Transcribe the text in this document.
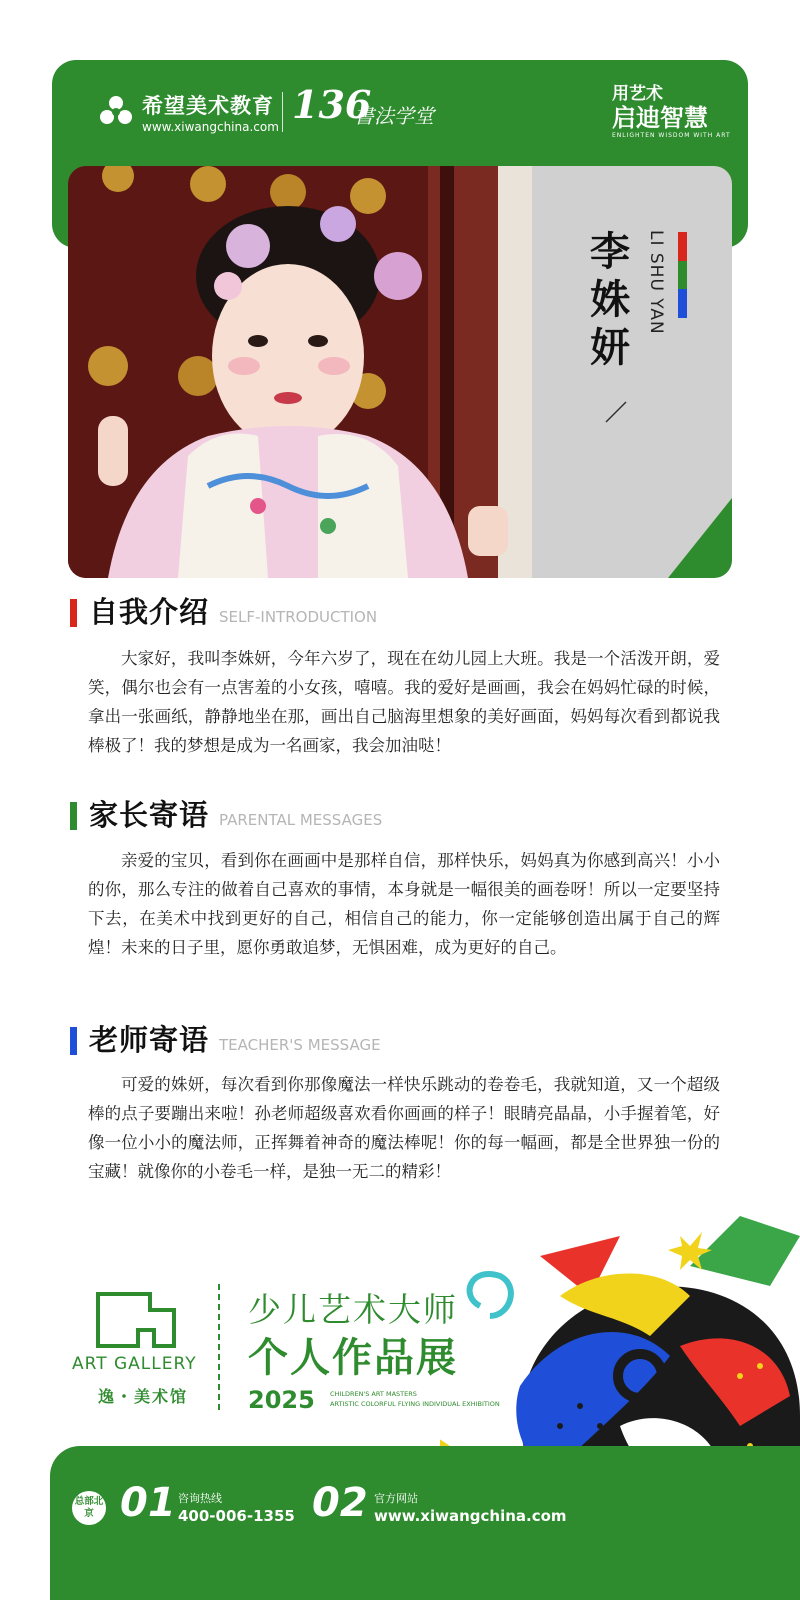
希望美术教育
www.xiwangchina.com 136
書法学堂
用艺术
启迪智慧
ENLIGHTEN WISDOM WITH ART
李姝妍
LI SHU YAN
自我介绍 SELF-INTRODUCTION

大家好，我叫李姝妍，今年六岁了，现在在幼儿园上大班。我是一个活泼开朗，爱笑，偶尔也会有一点害羞的小女孩，嘻嘻。我的爱好是画画，我会在妈妈忙碌的时候，拿出一张画纸，静静地坐在那，画出自己脑海里想象的美好画面，妈妈每次看到都说我棒极了！我的梦想是成为一名画家，我会加油哒！

家长寄语 PARENTAL MESSAGES

亲爱的宝贝，看到你在画画中是那样自信，那样快乐，妈妈真为你感到高兴！小小的你，那么专注的做着自己喜欢的事情，本身就是一幅很美的画卷呀！所以一定要坚持下去，在美术中找到更好的自己，相信自己的能力，你一定能够创造出属于自己的辉煌！未来的日子里，愿你勇敢追梦，无惧困难，成为更好的自己。

老师寄语 TEACHER'S MESSAGE

可爱的姝妍，每次看到你那像魔法一样快乐跳动的卷卷毛，我就知道，又一个超级棒的点子要蹦出来啦！孙老师超级喜欢看你画画的样子！眼睛亮晶晶，小手握着笔，好像一位小小的魔法师，正挥舞着神奇的魔法棒呢！你的每一幅画，都是全世界独一份的宝藏！就像你的小卷毛一样，是独一无二的精彩！

ART GALLERY
逸・美术馆
少儿艺术大师
个人作品展
2025 CHILDREN'S ART MASTERS
ARTISTIC COLORFUL FLYING INDIVIDUAL EXHIBITION
总部北京 01 咨询热线
400-006-1355 02 官方网站
www.xiwangchina.com
